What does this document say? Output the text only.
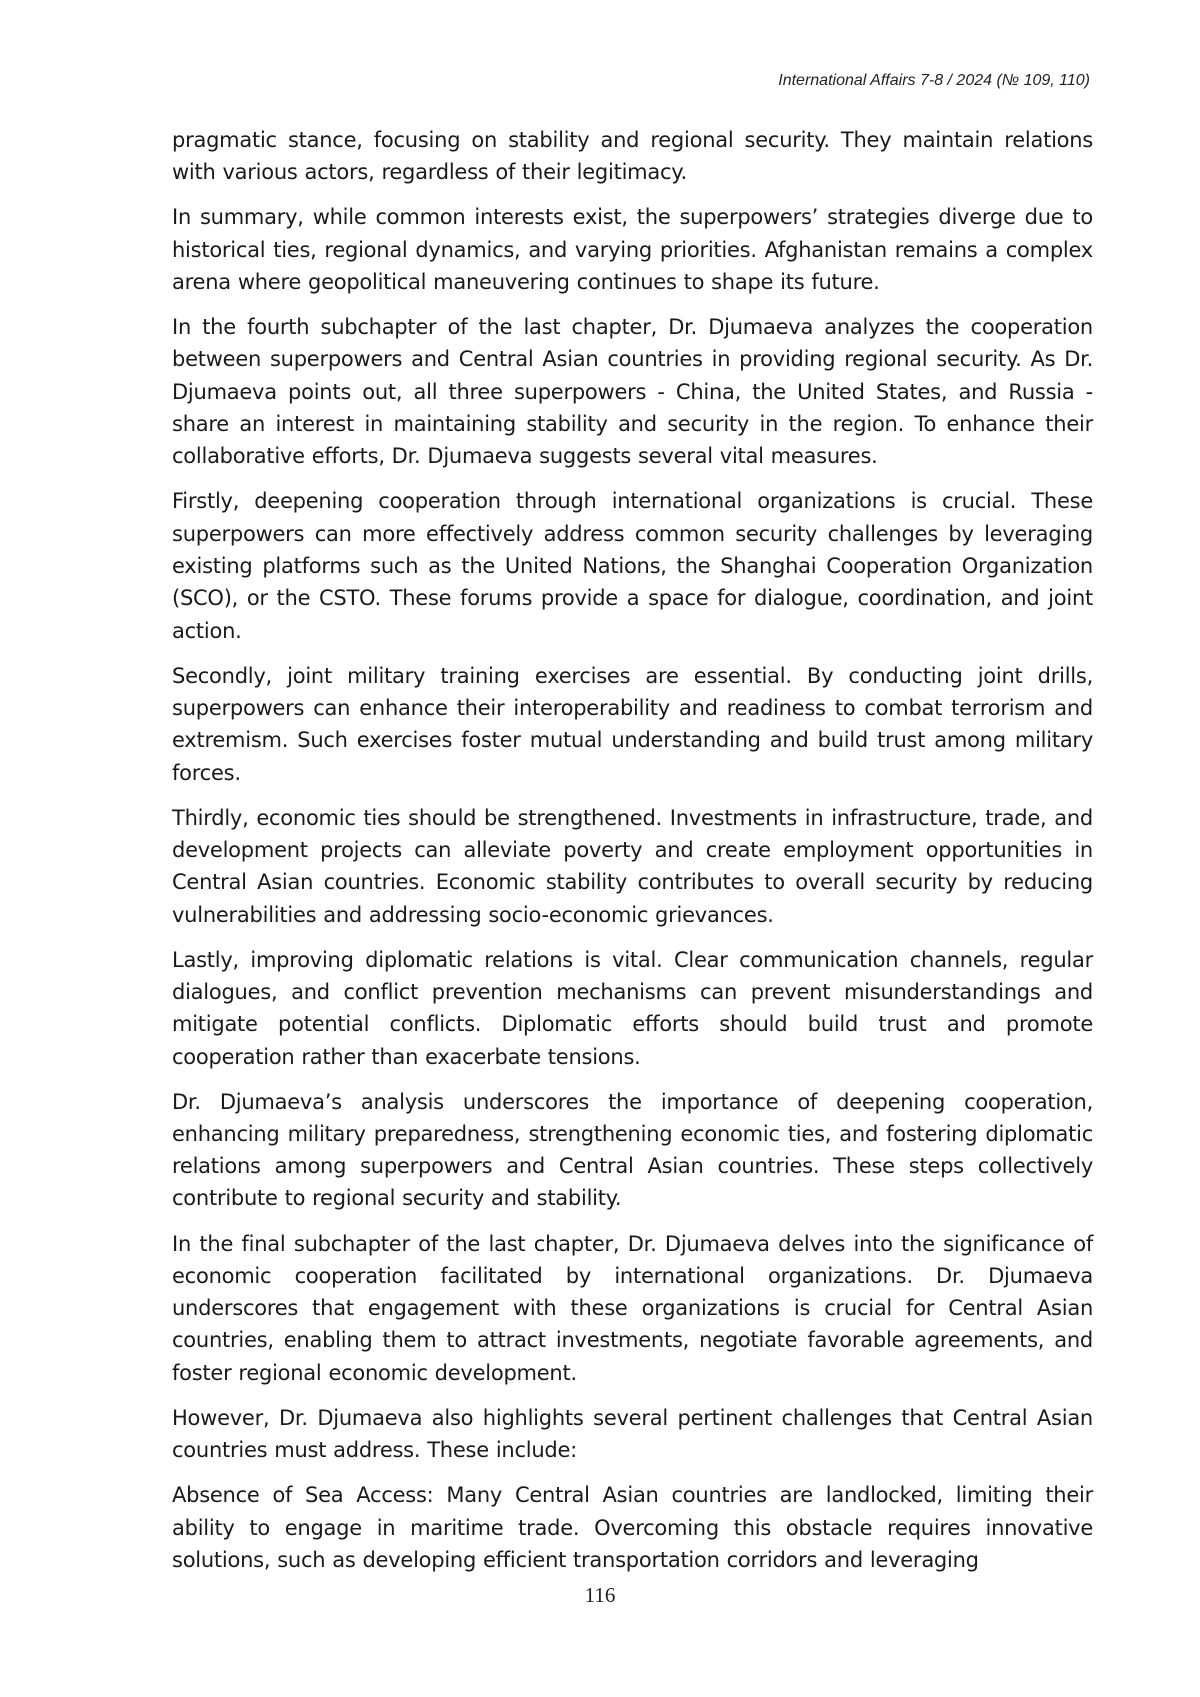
International Affairs 7-8 / 2024 (№ 109, 110)

pragmatic stance, focusing on stability and regional security. They maintain relations with various actors, regardless of their legitimacy.

In summary, while common interests exist, the superpowers’ strategies diverge due to historical ties, regional dynamics, and varying priorities. Afghanistan remains a complex arena where geopolitical maneuvering continues to shape its future.

In the fourth subchapter of the last chapter, Dr. Djumaeva analyzes the cooperation between superpowers and Central Asian countries in providing regional security. As Dr. Djumaeva points out, all three superpowers - China, the United States, and Russia - share an interest in maintaining stability and security in the region. To enhance their collaborative efforts, Dr. Djumaeva suggests several vital measures.

Firstly, deepening cooperation through international organizations is crucial. These superpowers can more effectively address common security challenges by leveraging existing platforms such as the United Nations, the Shanghai Cooperation Organization (SCO), or the CSTO. These forums provide a space for dialogue, coordination, and joint action.

Secondly, joint military training exercises are essential. By conducting joint drills, superpowers can enhance their interoperability and readiness to combat terrorism and extremism. Such exercises foster mutual understanding and build trust among military forces.

Thirdly, economic ties should be strengthened. Investments in infrastructure, trade, and development projects can alleviate poverty and create employment opportunities in Central Asian countries. Economic stability contributes to overall security by reducing vulnerabilities and addressing socio-economic grievances.

Lastly, improving diplomatic relations is vital. Clear communication channels, regular dialogues, and conflict prevention mechanisms can prevent misunderstandings and mitigate potential conflicts. Diplomatic efforts should build trust and promote cooperation rather than exacerbate tensions.

Dr. Djumaeva’s analysis underscores the importance of deepening cooperation, enhancing military preparedness, strengthening economic ties, and fostering diplomatic relations among superpowers and Central Asian countries. These steps collectively contribute to regional security and stability.

In the final subchapter of the last chapter, Dr. Djumaeva delves into the significance of economic cooperation facilitated by international organizations. Dr. Djumaeva underscores that engagement with these organizations is crucial for Central Asian countries, enabling them to attract investments, negotiate favorable agreements, and foster regional economic development.

However, Dr. Djumaeva also highlights several pertinent challenges that Central Asian countries must address. These include:

Absence of Sea Access: Many Central Asian countries are landlocked, limiting their ability to engage in maritime trade. Overcoming this obstacle requires innovative solutions, such as developing efficient transportation corridors and leveraging

116
